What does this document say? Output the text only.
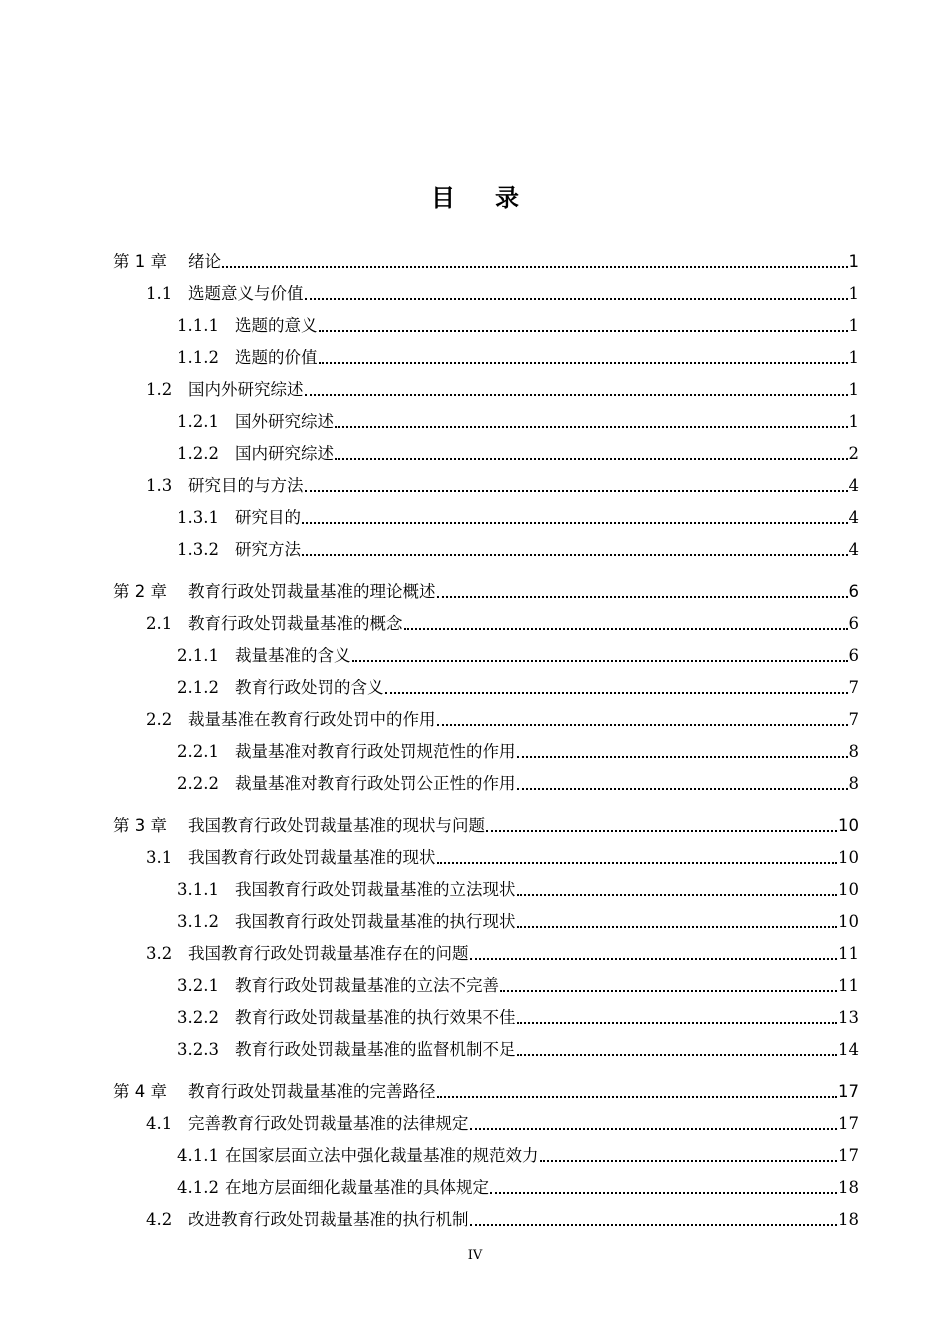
目录
第 1 章	绪论	1
1.1 选题意义与价值	1
1.1.1 选题的意义	1
1.1.2 选题的价值	1
1.2 国内外研究综述	1
1.2.1 国外研究综述	1
1.2.2 国内研究综述	2
1.3 研究目的与方法	4
1.3.1 研究目的	4
1.3.2 研究方法	4
第 2 章	教育行政处罚裁量基准的理论概述	6
2.1 教育行政处罚裁量基准的概念	6
2.1.1 裁量基准的含义	6
2.1.2 教育行政处罚的含义	7
2.2 裁量基准在教育行政处罚中的作用	7
2.2.1 裁量基准对教育行政处罚规范性的作用	8
2.2.2 裁量基准对教育行政处罚公正性的作用	8
第 3 章	我国教育行政处罚裁量基准的现状与问题	10
3.1 我国教育行政处罚裁量基准的现状	10
3.1.1 我国教育行政处罚裁量基准的立法现状	10
3.1.2 我国教育行政处罚裁量基准的执行现状	10
3.2 我国教育行政处罚裁量基准存在的问题	11
3.2.1 教育行政处罚裁量基准的立法不完善	11
3.2.2 教育行政处罚裁量基准的执行效果不佳	13
3.2.3 教育行政处罚裁量基准的监督机制不足	14
第 4 章	教育行政处罚裁量基准的完善路径	17
4.1 完善教育行政处罚裁量基准的法律规定	17
4.1.1 在国家层面立法中强化裁量基准的规范效力	17
4.1.2 在地方层面细化裁量基准的具体规定	18
4.2 改进教育行政处罚裁量基准的执行机制	18
IV
